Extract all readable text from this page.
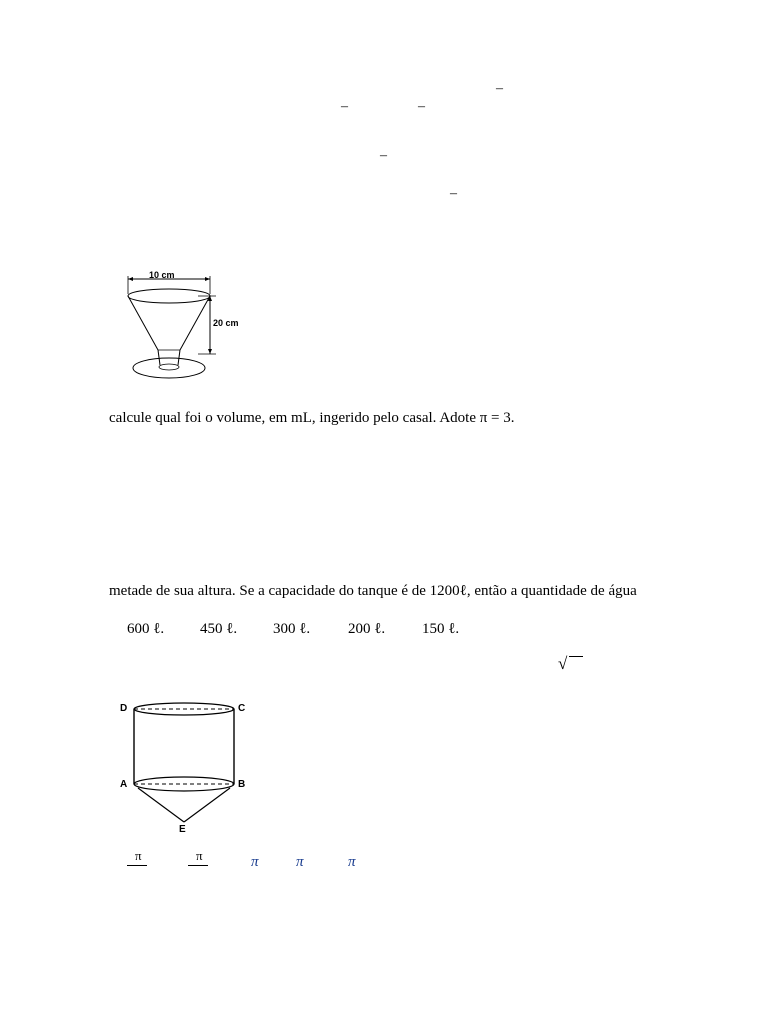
–
–	–
–
–
10 cm
20 cm
calcule qual foi o volume, em mL, ingerido pelo casal. Adote π = 3.
metade de sua altura. Se a capacidade do tanque é de 1200ℓ, então a quantidade de água
600 ℓ. 450 ℓ. 300 ℓ.	200 ℓ. 150 ℓ.
√
D	C
A	B
E
π	π	π π	π
